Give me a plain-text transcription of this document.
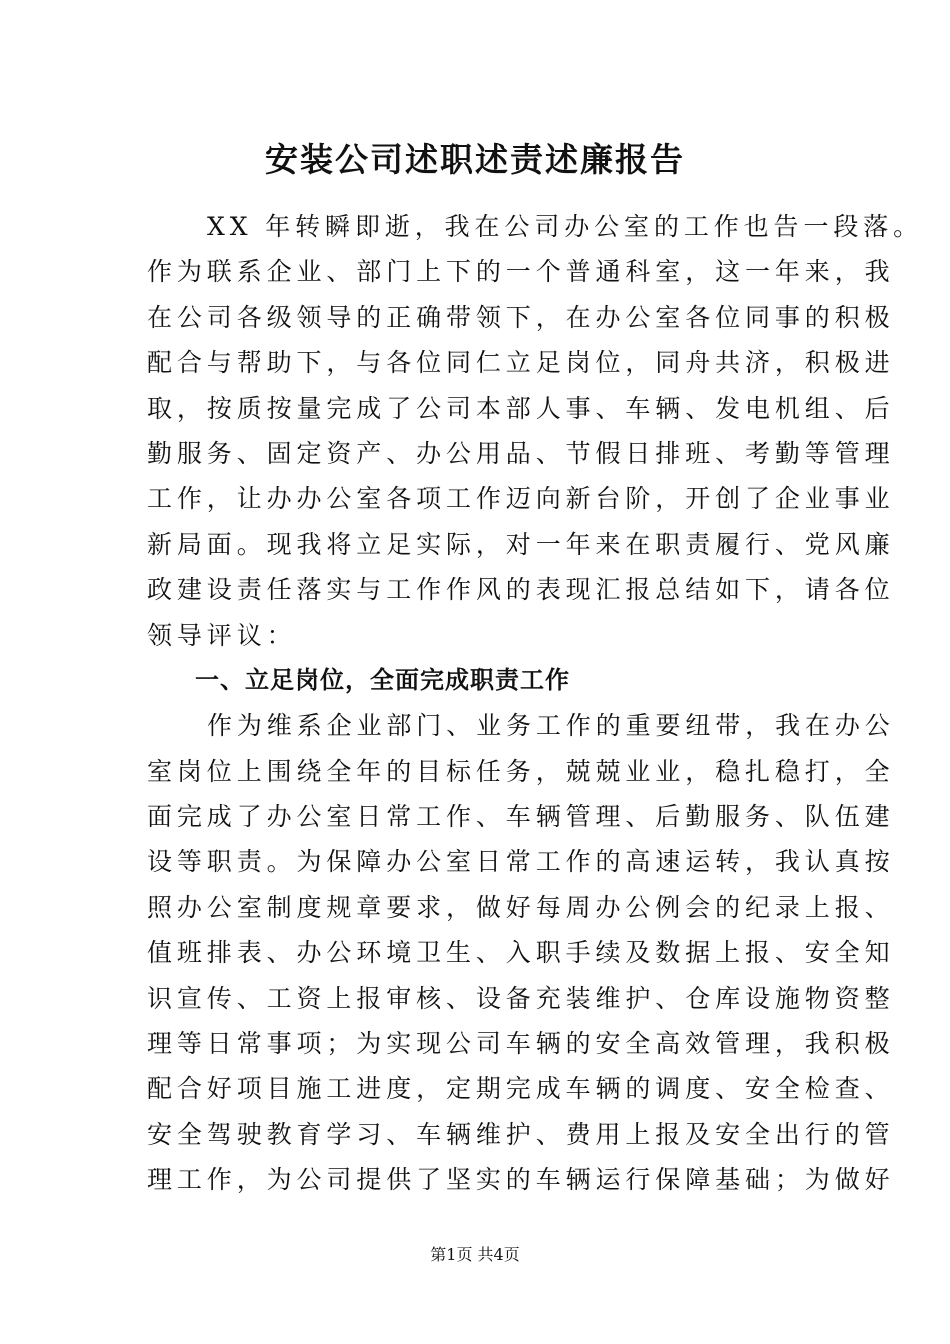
安装公司述职述责述廉报告
XX 年转瞬即逝，我在公司办公室的工作也告一段落。
作为联系企业、部门上下的一个普通科室，这一年来，我
在公司各级领导的正确带领下，在办公室各位同事的积极
配合与帮助下，与各位同仁立足岗位，同舟共济，积极进
取，按质按量完成了公司本部人事、车辆、发电机组、后
勤服务、固定资产、办公用品、节假日排班、考勤等管理
工作，让办办公室各项工作迈向新台阶，开创了企业事业
新局面。现我将立足实际，对一年来在职责履行、党风廉
政建设责任落实与工作作风的表现汇报总结如下，请各位
领导评议：
一、立足岗位，全面完成职责工作
作为维系企业部门、业务工作的重要纽带，我在办公
室岗位上围绕全年的目标任务，兢兢业业，稳扎稳打，全
面完成了办公室日常工作、车辆管理、后勤服务、队伍建
设等职责。为保障办公室日常工作的高速运转，我认真按
照办公室制度规章要求，做好每周办公例会的纪录上报、
值班排表、办公环境卫生、入职手续及数据上报、安全知
识宣传、工资上报审核、设备充装维护、仓库设施物资整
理等日常事项；为实现公司车辆的安全高效管理，我积极
配合好项目施工进度，定期完成车辆的调度、安全检查、
安全驾驶教育学习、车辆维护、费用上报及安全出行的管
理工作，为公司提供了坚实的车辆运行保障基础；为做好
第1页 共4页
